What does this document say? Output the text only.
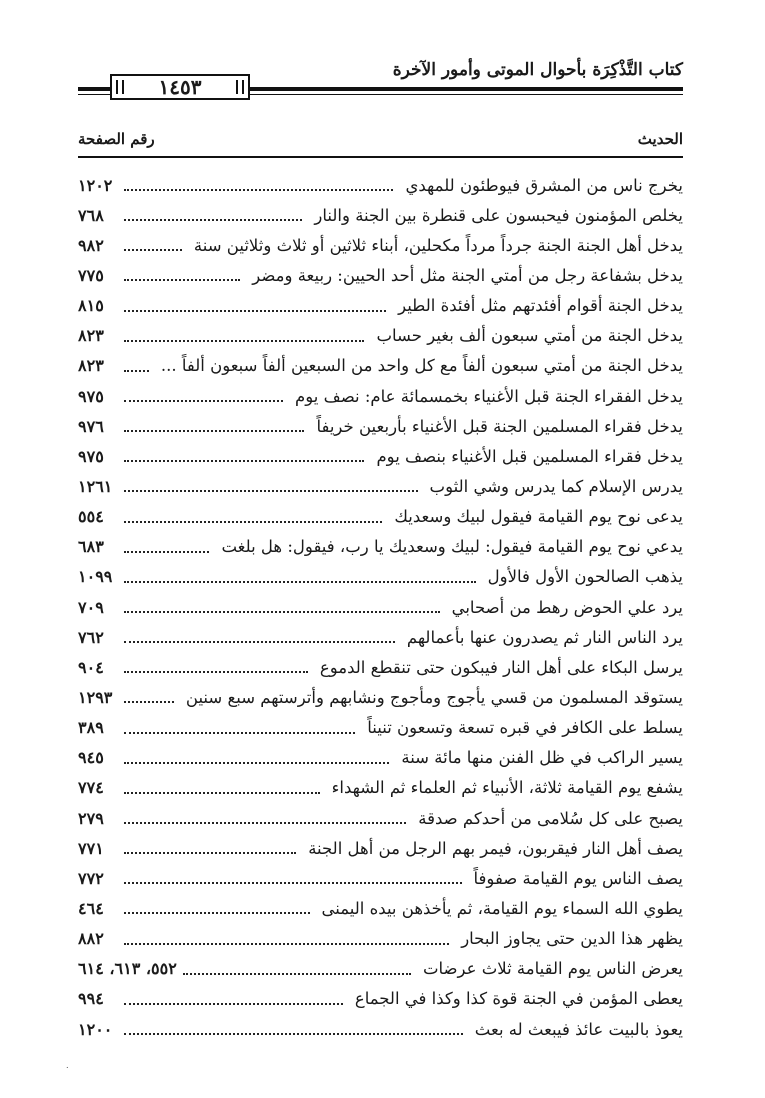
كتاب التَّذْكِرَة بأحوال الموتى وأمور الآخرة
١٤٥٣
الحديث
رقم الصفحة
يخرج ناس من المشرق فيوطئون للمهدي
١٢٠٢
يخلص المؤمنون فيحبسون على قنطرة بين الجنة والنار
٧٦٨
يدخل أهل الجنة الجنة جرداً مرداً مكحلين، أبناء ثلاثين أو ثلاث وثلاثين سنة
٩٨٢
يدخل بشفاعة رجل من أمتي الجنة مثل أحد الحيين: ربيعة ومضر
٧٧٥
يدخل الجنة أقوام أفئدتهم مثل أفئدة الطير
٨١٥
يدخل الجنة من أمتي سبعون ألف بغير حساب
٨٢٣
يدخل الجنة من أمتي سبعون ألفاً مع كل واحد من السبعين ألفاً سبعون ألفاً ...
٨٢٣
يدخل الفقراء الجنة قبل الأغنياء بخمسمائة عام: نصف يوم
٩٧٥
يدخل فقراء المسلمين الجنة قبل الأغنياء بأربعين خريفاً
٩٧٦
يدخل فقراء المسلمين قبل الأغنياء بنصف يوم
٩٧٥
يدرس الإسلام كما يدرس وشي الثوب
١٢٦١
يدعى نوح يوم القيامة فيقول لبيك وسعديك
٥٥٤
يدعي نوح يوم القيامة فيقول: لبيك وسعديك يا رب، فيقول: هل بلغت
٦٨٣
يذهب الصالحون الأول فالأول
١٠٩٩
يرد علي الحوض رهط من أصحابي
٧٠٩
يرد الناس النار ثم يصدرون عنها بأعمالهم
٧٦٢
يرسل البكاء على أهل النار فيبكون حتى تنقطع الدموع
٩٠٤
يستوقد المسلمون من قسي يأجوج ومأجوج ونشابهم وأترستهم سبع سنين
١٢٩٣
يسلط على الكافر في قبره تسعة وتسعون تنيناً
٣٨٩
يسير الراكب في ظل الفنن منها مائة سنة
٩٤٥
يشفع يوم القيامة ثلاثة، الأنبياء ثم العلماء ثم الشهداء
٧٧٤
يصبح على كل سُلامى من أحدكم صدقة
٢٧٩
يصف أهل النار فيقربون، فيمر بهم الرجل من أهل الجنة
٧٧١
يصف الناس يوم القيامة صفوفاً
٧٧٢
يطوي الله السماء يوم القيامة، ثم يأخذهن بيده اليمنى
٤٦٤
يظهر هذا الدين حتى يجاوز البحار
٨٨٢
يعرض الناس يوم القيامة ثلاث عرضات
٥٥٢، ٦١٣، ٦١٤
يعطى المؤمن في الجنة قوة كذا وكذا في الجماع
٩٩٤
يعوذ بالبيت عائذ فيبعث له بعث
١٢٠٠
.
